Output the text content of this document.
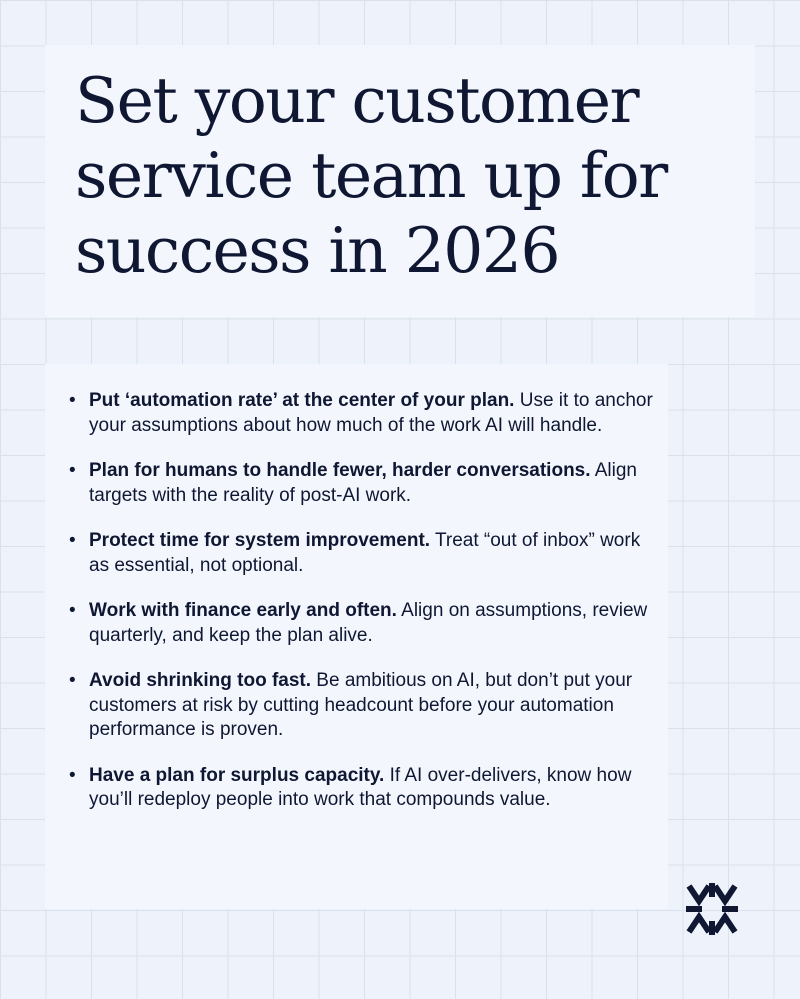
Set your customer service team up for success in 2026
• Put ‘automation rate’ at the center of your plan. Use it to anchor your assumptions about how much of the work AI will handle.
• Plan for humans to handle fewer, harder conversations. Align targets with the reality of post-AI work.
• Protect time for system improvement. Treat “out of inbox” work as essential, not optional.
• Work with finance early and often. Align on assumptions, review quarterly, and keep the plan alive.
• Avoid shrinking too fast. Be ambitious on AI, but don’t put your customers at risk by cutting headcount before your automation performance is proven.
• Have a plan for surplus capacity. If AI over-delivers, know how you’ll redeploy people into work that compounds value.
